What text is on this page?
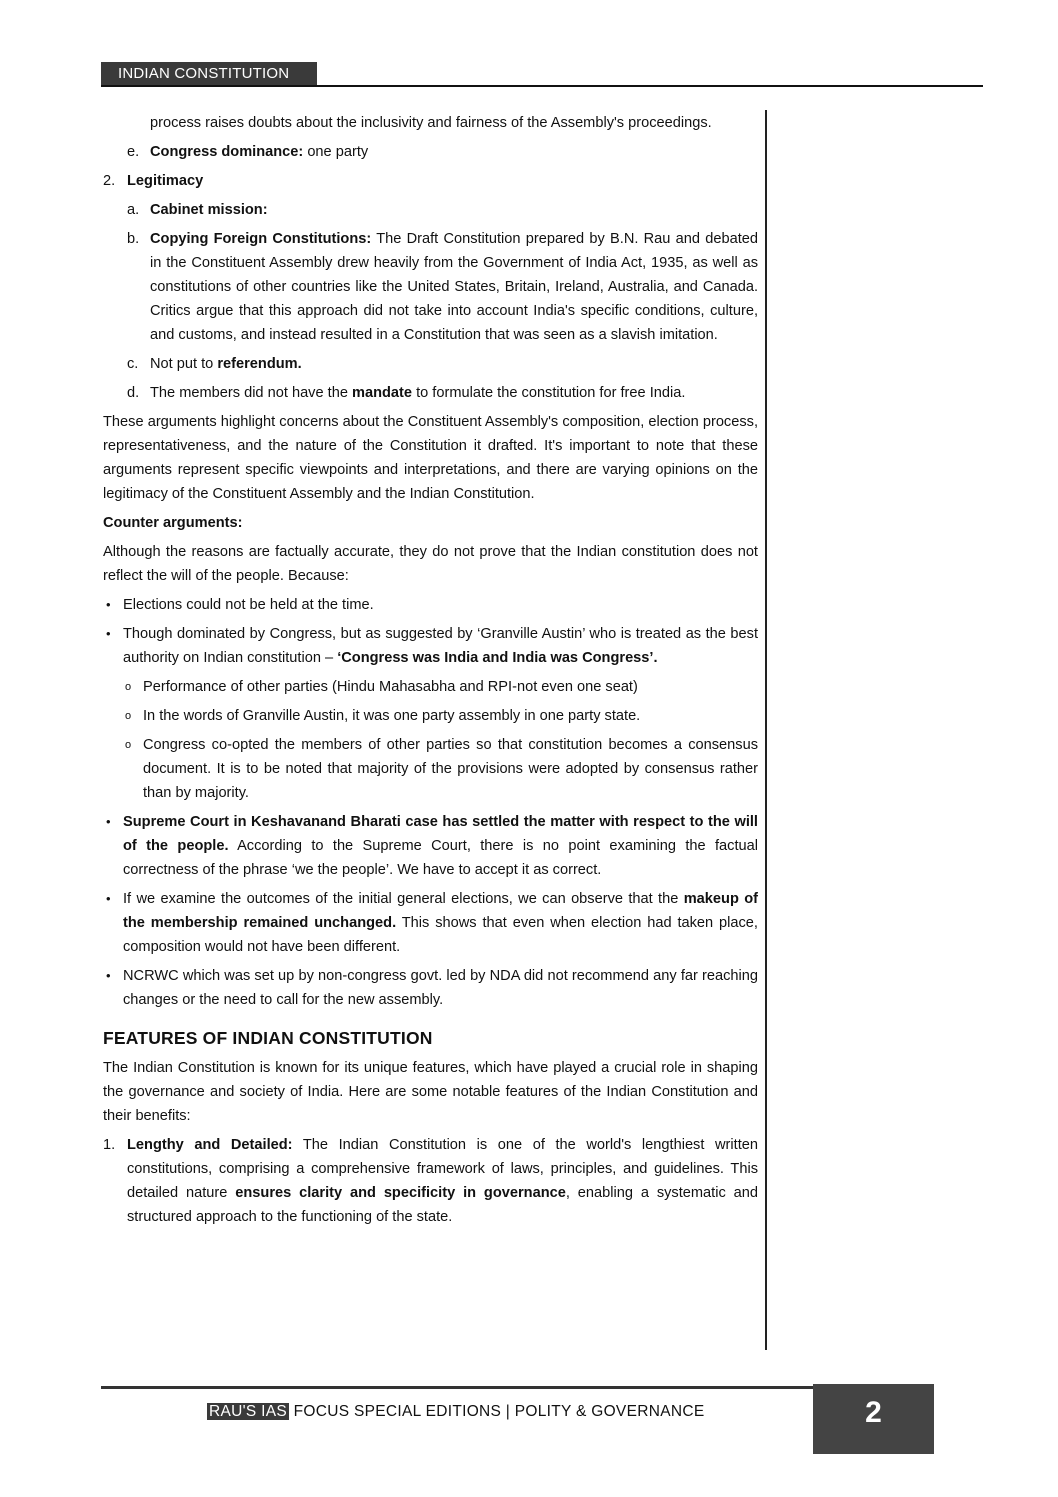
INDIAN CONSTITUTION

process raises doubts about the inclusivity and fairness of the Assembly's proceedings.

e. Congress dominance: one party
2. Legitimacy
a. Cabinet mission:
b. Copying Foreign Constitutions: The Draft Constitution prepared by B.N. Rau and debated in the Constituent Assembly drew heavily from the Government of India Act, 1935, as well as constitutions of other countries like the United States, Britain, Ireland, Australia, and Canada. Critics argue that this approach did not take into account India's specific conditions, culture, and customs, and instead resulted in a Constitution that was seen as a slavish imitation.
c. Not put to referendum.
d. The members did not have the mandate to formulate the constitution for free India.

These arguments highlight concerns about the Constituent Assembly's composition, election process, representativeness, and the nature of the Constitution it drafted. It's important to note that these arguments represent specific viewpoints and interpretations, and there are varying opinions on the legitimacy of the Constituent Assembly and the Indian Constitution.

Counter arguments:

Although the reasons are factually accurate, they do not prove that the Indian constitution does not reflect the will of the people. Because:

• Elections could not be held at the time.
• Though dominated by Congress, but as suggested by ‘Granville Austin’ who is treated as the best authority on Indian constitution – ‘Congress was India and India was Congress’.
o Performance of other parties (Hindu Mahasabha and RPI-not even one seat)
o In the words of Granville Austin, it was one party assembly in one party state.
o Congress co-opted the members of other parties so that constitution becomes a consensus document. It is to be noted that majority of the provisions were adopted by consensus rather than by majority.
• Supreme Court in Keshavanand Bharati case has settled the matter with respect to the will of the people. According to the Supreme Court, there is no point examining the factual correctness of the phrase ‘we the people’. We have to accept it as correct.
• If we examine the outcomes of the initial general elections, we can observe that the makeup of the membership remained unchanged. This shows that even when election had taken place, composition would not have been different.
• NCRWC which was set up by non-congress govt. led by NDA did not recommend any far reaching changes or the need to call for the new assembly.
FEATURES OF INDIAN CONSTITUTION

The Indian Constitution is known for its unique features, which have played a crucial role in shaping the governance and society of India. Here are some notable features of the Indian Constitution and their benefits:

1. Lengthy and Detailed: The Indian Constitution is one of the world's lengthiest written constitutions, comprising a comprehensive framework of laws, principles, and guidelines. This detailed nature ensures clarity and specificity in governance, enabling a systematic and structured approach to the functioning of the state.
RAU'S IAS FOCUS SPECIAL EDITIONS | POLITY & GOVERNANCE	2
